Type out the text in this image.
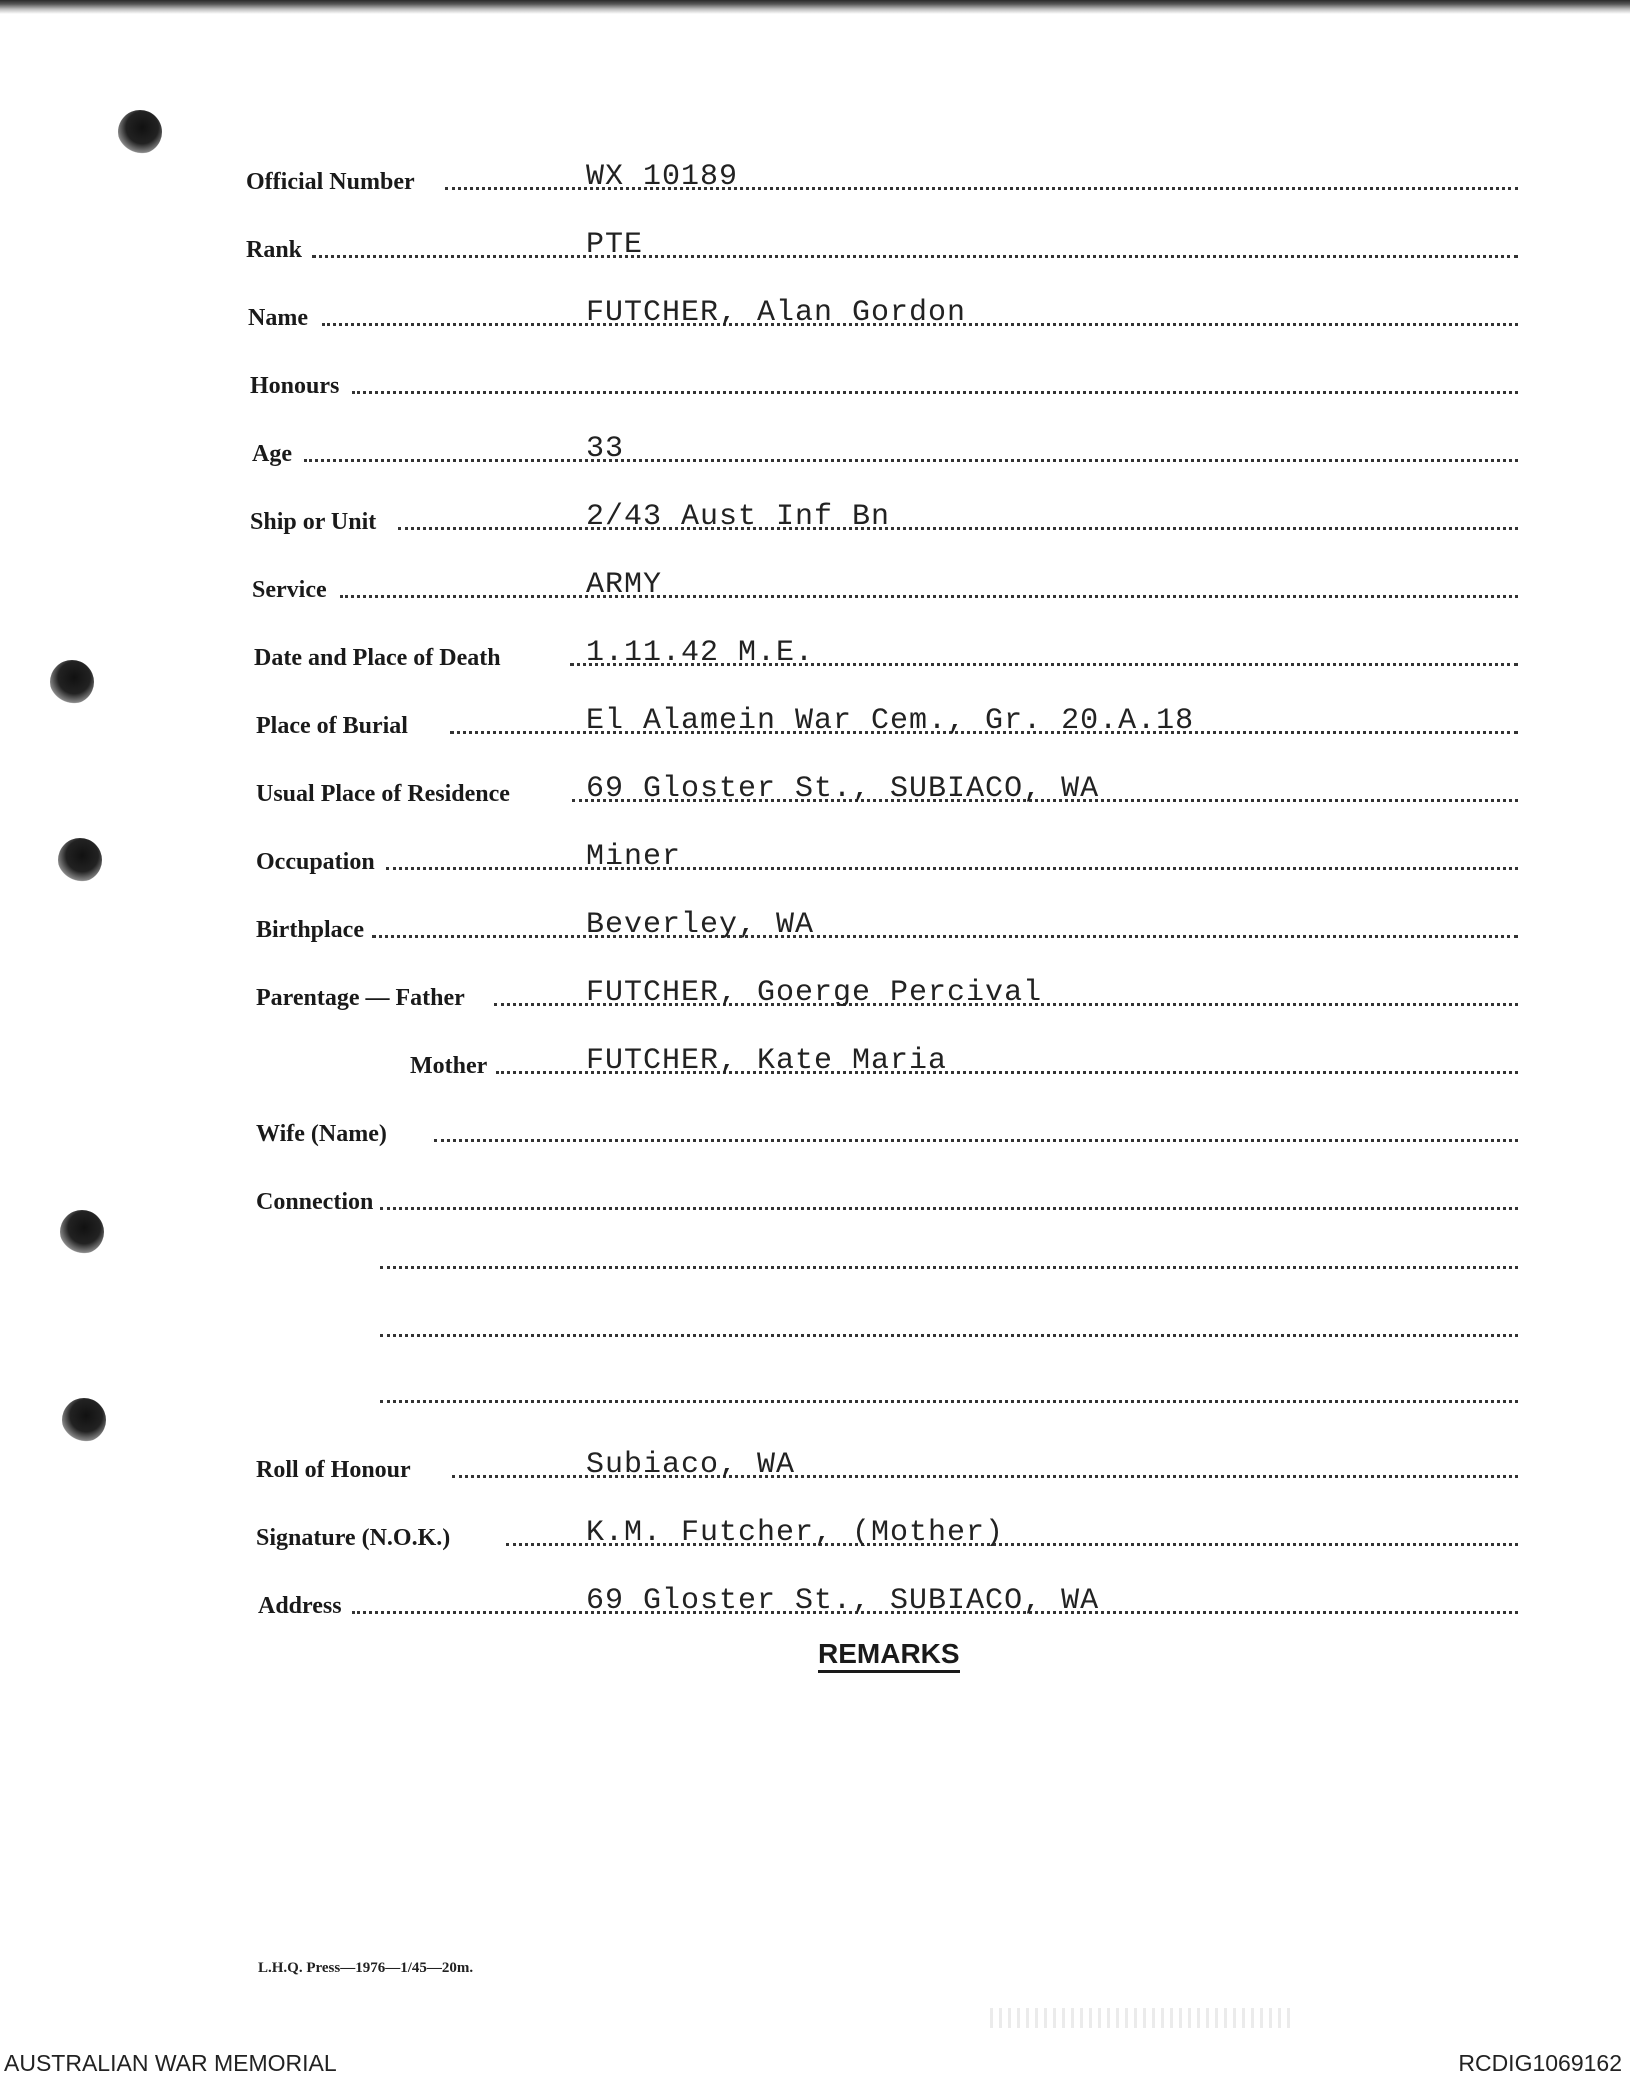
Official Number	WX 10189
Rank	PTE
Name	FUTCHER, Alan Gordon
Honours
Age	33
Ship or Unit	2/43 Aust Inf Bn
Service	ARMY
Date and Place of Death	1.11.42 M.E.
Place of Burial	El Alamein War Cem., Gr. 20.A.18
Usual Place of Residence	69 Gloster St., SUBIACO, WA
Occupation	Miner
Birthplace	Beverley, WA
Parentage — Father	FUTCHER, Goerge Percival
Mother	FUTCHER, Kate Maria
Wife (Name)
Connection
Roll of Honour	Subiaco, WA
Signature (N.O.K.)	K.M. Futcher, (Mother)
Address	69 Gloster St., SUBIACO, WA
REMARKS
L.H.Q. Press—1976—1/45—20m.
AUSTRALIAN WAR MEMORIAL	RCDIG1069162
